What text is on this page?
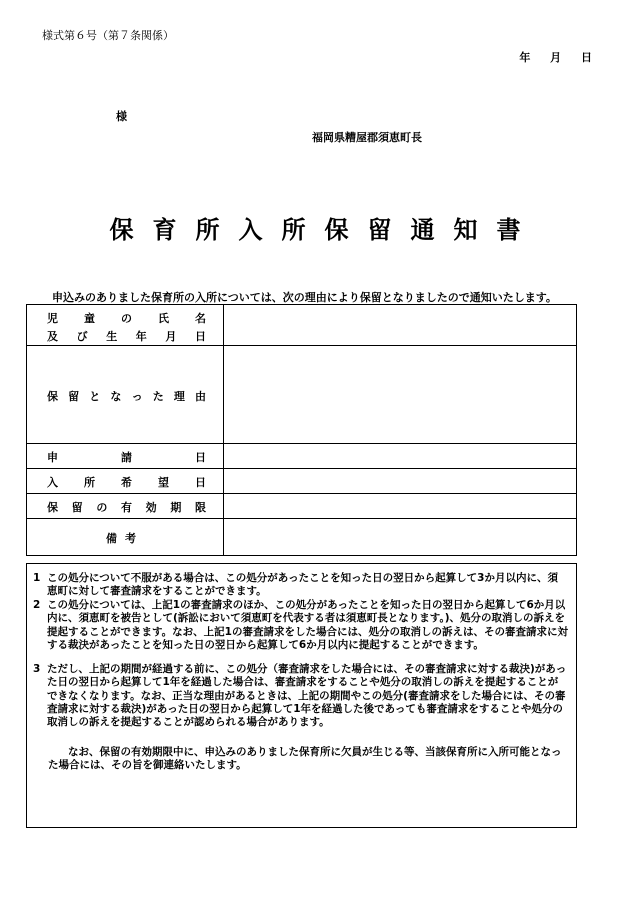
様式第６号（第７条関係）
年 月 日
様
福岡県糟屋郡須恵町長
保育所入所保留通知書
申込みのありました保育所の入所については、次の理由により保留となりましたので通知いたします。
児童の氏名
及び生年月日
保留となった理由
申請日
入所希望日
保留の有効期限
備考
1 この処分について不服がある場合は、この処分があったことを知った日の翌日から起算して3か月以内に、須恵町に対して審査請求をすることができます。
2 この処分については、上記1の審査請求のほか、この処分があったことを知った日の翌日から起算して6か月以内に、須恵町を被告として(訴訟において須恵町を代表する者は須恵町長となります。)、処分の取消しの訴えを提起することができます。なお、上記1の審査請求をした場合には、処分の取消しの訴えは、その審査請求に対する裁決があったことを知った日の翌日から起算して6か月以内に提起することができます。
3 ただし、上記の期間が経過する前に、この処分（審査請求をした場合には、その審査請求に対する裁決)があった日の翌日から起算して1年を経過した場合は、審査請求をすることや処分の取消しの訴えを提起することができなくなります。なお、正当な理由があるときは、上記の期間やこの処分(審査請求をした場合には、その審査請求に対する裁決)があった日の翌日から起算して1年を経過した後であっても審査請求をすることや処分の取消しの訴えを提起することが認められる場合があります。
なお、保留の有効期限中に、申込みのありました保育所に欠員が生じる等、当該保育所に入所可能となった場合には、その旨を御連絡いたします。
